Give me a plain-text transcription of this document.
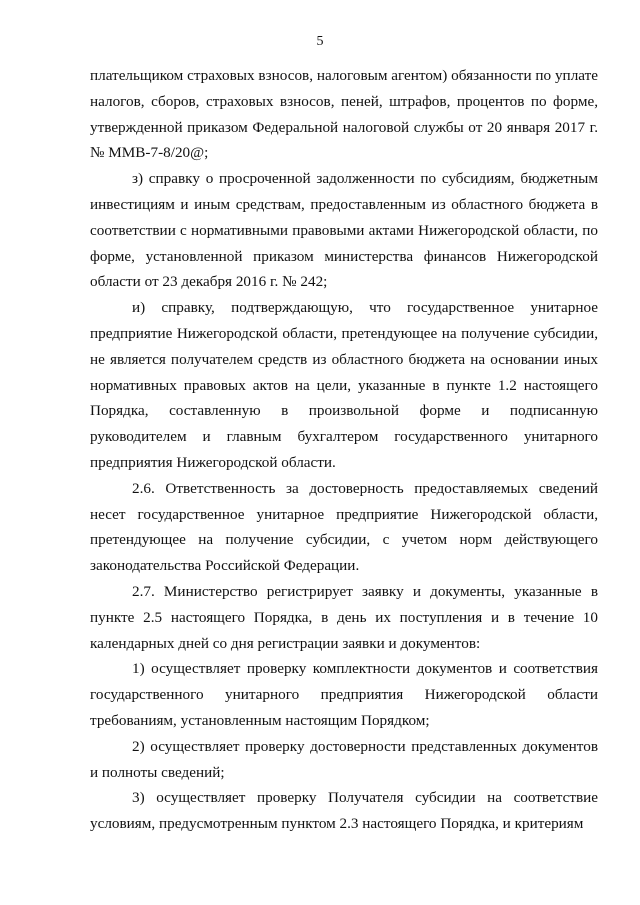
5

плательщиком страховых взносов, налоговым агентом) обязанности по уплате налогов, сборов, страховых взносов, пеней, штрафов, процентов по форме, утвержденной приказом Федеральной налоговой службы от 20 января 2017 г. № ММВ-7-8/20@;

з) справку о просроченной задолженности по субсидиям, бюджетным инвестициям и иным средствам, предоставленным из областного бюджета в соответствии с нормативными правовыми актами Нижегородской области, по форме, установленной приказом министерства финансов Нижегородской области от 23 декабря 2016 г. № 242;

и) справку, подтверждающую, что государственное унитарное предприятие Нижегородской области, претендующее на получение субсидии, не является получателем средств из областного бюджета на основании иных нормативных правовых актов на цели, указанные в пункте 1.2 настоящего Порядка, составленную в произвольной форме и подписанную руководителем и главным бухгалтером государственного унитарного предприятия Нижегородской области.

2.6. Ответственность за достоверность предоставляемых сведений несет государственное унитарное предприятие Нижегородской области, претендующее на получение субсидии, с учетом норм действующего законодательства Российской Федерации.

2.7. Министерство регистрирует заявку и документы, указанные в пункте 2.5 настоящего Порядка, в день их поступления и в течение 10 календарных дней со дня регистрации заявки и документов:

1) осуществляет проверку комплектности документов и соответствия государственного унитарного предприятия Нижегородской области требованиям, установленным настоящим Порядком;

2) осуществляет проверку достоверности представленных документов и полноты сведений;

3) осуществляет проверку Получателя субсидии на соответствие условиям, предусмотренным пунктом 2.3 настоящего Порядка, и критериям
